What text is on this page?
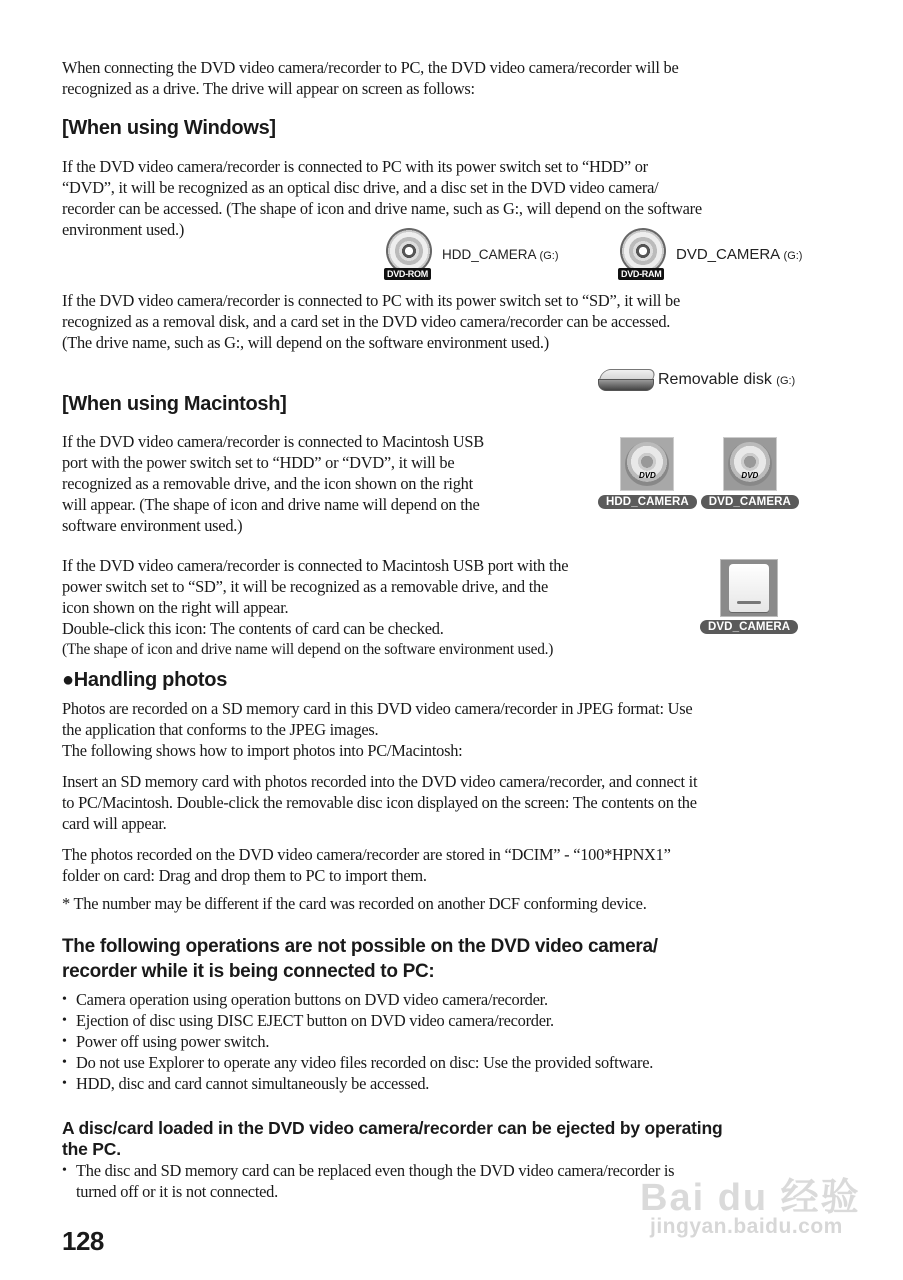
When connecting the DVD video camera/recorder to PC, the DVD video camera/recorder will be

recognized as a drive. The drive will appear on screen as follows:

[When using Windows]

If the DVD video camera/recorder is connected to PC with its power switch set to “HDD” or

“DVD”, it will be recognized as an optical disc drive, and a disc set in the DVD video camera/

recorder can be accessed. (The shape of icon and drive name, such as G:, will depend on the software

environment used.)

DVD-ROM
HDD_CAMERA (G:)
DVD-RAM
DVD_CAMERA (G:)

If the DVD video camera/recorder is connected to PC with its power switch set to “SD”, it will be

recognized as a removal disk, and a card set in the DVD video camera/recorder can be accessed.

(The drive name, such as G:, will depend on the software environment used.)

Removable disk (G:)
[When using Macintosh]

If the DVD video camera/recorder is connected to Macintosh USB

port with the power switch set to “HDD” or “DVD”, it will be

recognized as a removable drive, and the icon shown on the right

will appear. (The shape of icon and drive name will depend on the

software environment used.)

DVD
HDD_CAMERA
DVD
DVD_CAMERA

If the DVD video camera/recorder is connected to Macintosh USB port with the

power switch set to “SD”, it will be recognized as a removable drive, and the

icon shown on the right will appear.

Double-click this icon: The contents of card can be checked.

(The shape of icon and drive name will depend on the software environment used.)

DVD_CAMERA
●Handling photos

Photos are recorded on a SD memory card in this DVD video camera/recorder in JPEG format: Use

the application that conforms to the JPEG images.

The following shows how to import photos into PC/Macintosh:

Insert an SD memory card with photos recorded into the DVD video camera/recorder, and connect it

to PC/Macintosh. Double-click the removable disc icon displayed on the screen: The contents on the

card will appear.

The photos recorded on the DVD video camera/recorder are stored in “DCIM” - “100*HPNX1”

folder on card: Drag and drop them to PC to import them.

* The number may be different if the card was recorded on another DCF conforming device.

The following operations are not possible on the DVD video camera/

recorder while it is being connected to PC:

• Camera operation using operation buttons on DVD video camera/recorder.
• Ejection of disc using DISC EJECT button on DVD video camera/recorder.
• Power off using power switch.
• Do not use Explorer to operate any video files recorded on disc: Use the provided software.
• HDD, disc and card cannot simultaneously be accessed.

A disc/card loaded in the DVD video camera/recorder can be ejected by operating

the PC.

• The disc and SD memory card can be replaced even though the DVD video camera/recorder is
turned off or it is not connected.
128
Bai du 经验
jingyan.baidu.com
